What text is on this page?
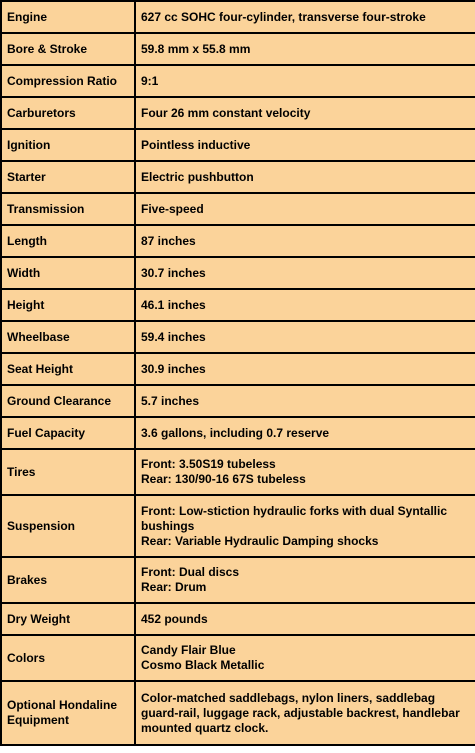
Engine	627 cc SOHC four-cylinder, transverse four-stroke
Bore & Stroke	59.8 mm x 55.8 mm
Compression Ratio	9:1
Carburetors	Four 26 mm constant velocity
Ignition	Pointless inductive
Starter	Electric pushbutton
Transmission	Five-speed
Length	87 inches
Width	30.7 inches
Height	46.1 inches
Wheelbase	59.4 inches
Seat Height	30.9 inches
Ground Clearance	5.7 inches
Fuel Capacity	3.6 gallons, including 0.7 reserve
Tires	Front: 3.50S19 tubeless
Rear: 130/90-16 67S tubeless

Suspension	Front: Low-stiction hydraulic forks with dual Syntallic bushings
Rear: Variable Hydraulic Damping shocks

Brakes	Front: Dual discs
Rear: Drum

Dry Weight	452 pounds
Colors	Candy Flair Blue
Cosmo Black Metallic

Optional Hondaline Equipment	Color-matched saddlebags, nylon liners, saddlebag guard-rail, luggage rack, adjustable backrest, handlebar mounted quartz clock.
